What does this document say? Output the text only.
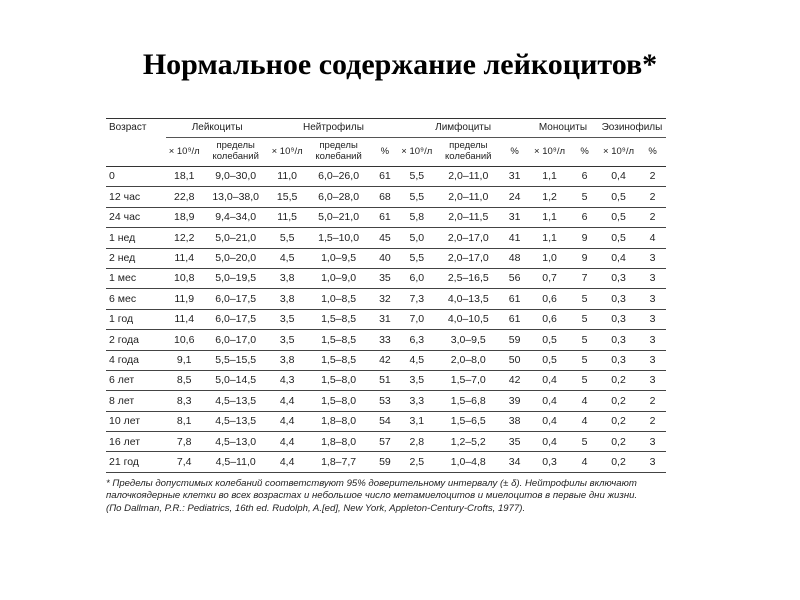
Нормальное содержание лейкоцитов*
Возраст	Лейкоциты		Нейтрофилы			Лимфоциты			Моноциты		Эозинофилы	
	× 10⁹/л	пределы колебаний	× 10⁹/л	пределы колебаний	%	× 10⁹/л	пределы колебаний	%	× 10⁹/л	%	× 10⁹/л	%
0	18,1	9,0–30,0	11,0	6,0–26,0	61	5,5	2,0–11,0	31	1,1	6	0,4	2
12 час	22,8	13,0–38,0	15,5	6,0–28,0	68	5,5	2,0–11,0	24	1,2	5	0,5	2
24 час	18,9	9,4–34,0	11,5	5,0–21,0	61	5,8	2,0–11,5	31	1,1	6	0,5	2
1 нед	12,2	5,0–21,0	5,5	1,5–10,0	45	5,0	2,0–17,0	41	1,1	9	0,5	4
2 нед	11,4	5,0–20,0	4,5	1,0–9,5	40	5,5	2,0–17,0	48	1,0	9	0,4	3
1 мес	10,8	5,0–19,5	3,8	1,0–9,0	35	6,0	2,5–16,5	56	0,7	7	0,3	3
6 мес	11,9	6,0–17,5	3,8	1,0–8,5	32	7,3	4,0–13,5	61	0,6	5	0,3	3
1 год	11,4	6,0–17,5	3,5	1,5–8,5	31	7,0	4,0–10,5	61	0,6	5	0,3	3
2 года	10,6	6,0–17,0	3,5	1,5–8,5	33	6,3	3,0–9,5	59	0,5	5	0,3	3
4 года	9,1	5,5–15,5	3,8	1,5–8,5	42	4,5	2,0–8,0	50	0,5	5	0,3	3
6 лет	8,5	5,0–14,5	4,3	1,5–8,0	51	3,5	1,5–7,0	42	0,4	5	0,2	3
8 лет	8,3	4,5–13,5	4,4	1,5–8,0	53	3,3	1,5–6,8	39	0,4	4	0,2	2
10 лет	8,1	4,5–13,5	4,4	1,8–8,0	54	3,1	1,5–6,5	38	0,4	4	0,2	2
16 лет	7,8	4,5–13,0	4,4	1,8–8,0	57	2,8	1,2–5,2	35	0,4	5	0,2	3
21 год	7,4	4,5–11,0	4,4	1,8–7,7	59	2,5	1,0–4,8	34	0,3	4	0,2	3
* Пределы допустимых колебаний соответствуют 95% доверительному интервалу (± δ). Нейтрофилы включают
палочкоядерные клетки во всех возрастах и небольшое число метамиелоцитов и миелоцитов в первые дни жизни.
(По Dallman, P.R.: Pediatrics, 16th ed. Rudolph, A.[ed], New York, Appleton-Century-Crofts, 1977).
